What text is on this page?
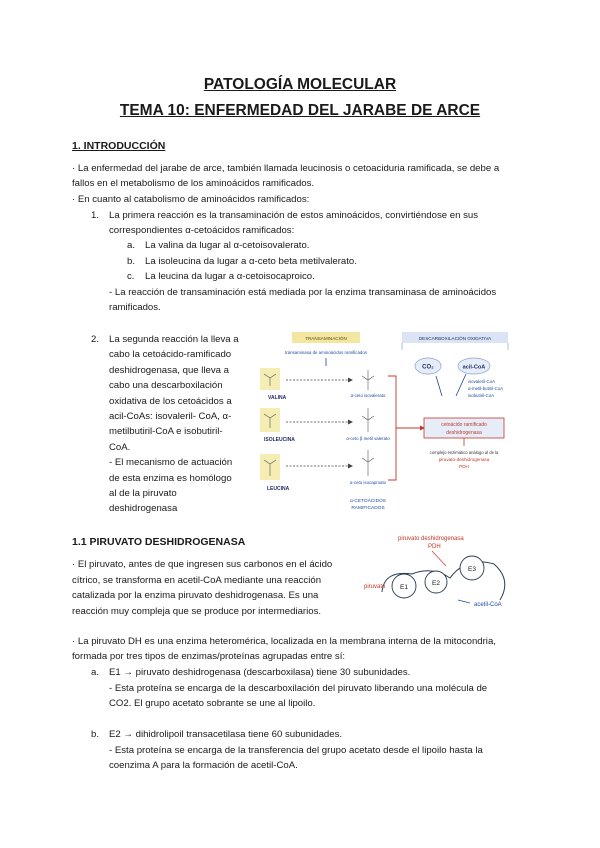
PATOLOGÍA MOLECULAR
TEMA 10: ENFERMEDAD DEL JARABE DE ARCE
1. INTRODUCCIÓN
· La enfermedad del jarabe de arce, también llamada leucinosis o cetoaciduria ramificada, se debe a
fallos en el metabolismo de los aminoácidos ramificados.
· En cuanto al catabolismo de aminoácidos ramificados:
1. La primera reacción es la transaminación de estos aminoácidos, convirtiéndose en sus
correspondientes α-cetoácidos ramificados:
a. La valina da lugar al α-cetoisovalerato.
b. La isoleucina da lugar a α-ceto beta metilvalerato.
c. La leucina da lugar a α-cetoisocaproico.
- La reacción de transaminación está mediada por la enzima transaminasa de aminoácidos
ramificados.
2. La segunda reacción la lleva a
cabo la cetoácido-ramificado
deshidrogenasa, que lleva a
cabo una descarboxilación
oxidativa de los cetoácidos a
acil-CoAs: isovaleril- CoA, α-
metilbutiril-CoA e isobutiril-
CoA.
- El mecanismo de actuación
de esta enzima es homólogo
al de la piruvato
deshidrogenasa
TRANSAMINACIÓN	DESCARBOXILACIÓN OXIDATIVA
transaminasa de aminoácidos ramificados
CO₂	acil-CoA
isovaleril-CoA
α-metil-butiril-CoA
isobutiril-CoA
VALINA
ISOLEUCINA
LEUCINA
α-ceto isovalerato
α-ceto β metil valerato
α-ceto isocaproato
cetoácido ramificado
deshidrogenasa
complejo enzimático análogo al de la
piruvato-deshidrogenasa
PDH
α-CETOÁCIDOS
RAMIFICADOS
1.1 PIRUVATO DESHIDROGENASA
· El piruvato, antes de que ingresen sus carbonos en el ácido
cítrico, se transforma en acetil-CoA mediante una reacción
catalizada por la enzima piruvato deshidrogenasa. Es una
reacción muy compleja que se produce por intermediarios.
piruvato deshidrogenasa
PDH
E1
E2
E3
piruvato
acetil-CoA
· La piruvato DH es una enzima heteromérica, localizada en la membrana interna de la mitocondria,
formada por tres tipos de enzimas/proteínas agrupadas entre sí:
a. E1 → piruvato deshidrogenasa (descarboxilasa) tiene 30 subunidades.
- Esta proteína se encarga de la descarboxilación del piruvato liberando una molécula de
CO2. El grupo acetato sobrante se une al lipoilo.
b. E2 → dihidrolipoil transacetilasa tiene 60 subunidades.
- Esta proteína se encarga de la transferencia del grupo acetato desde el lipoilo hasta la
coenzima A para la formación de acetil-CoA.
